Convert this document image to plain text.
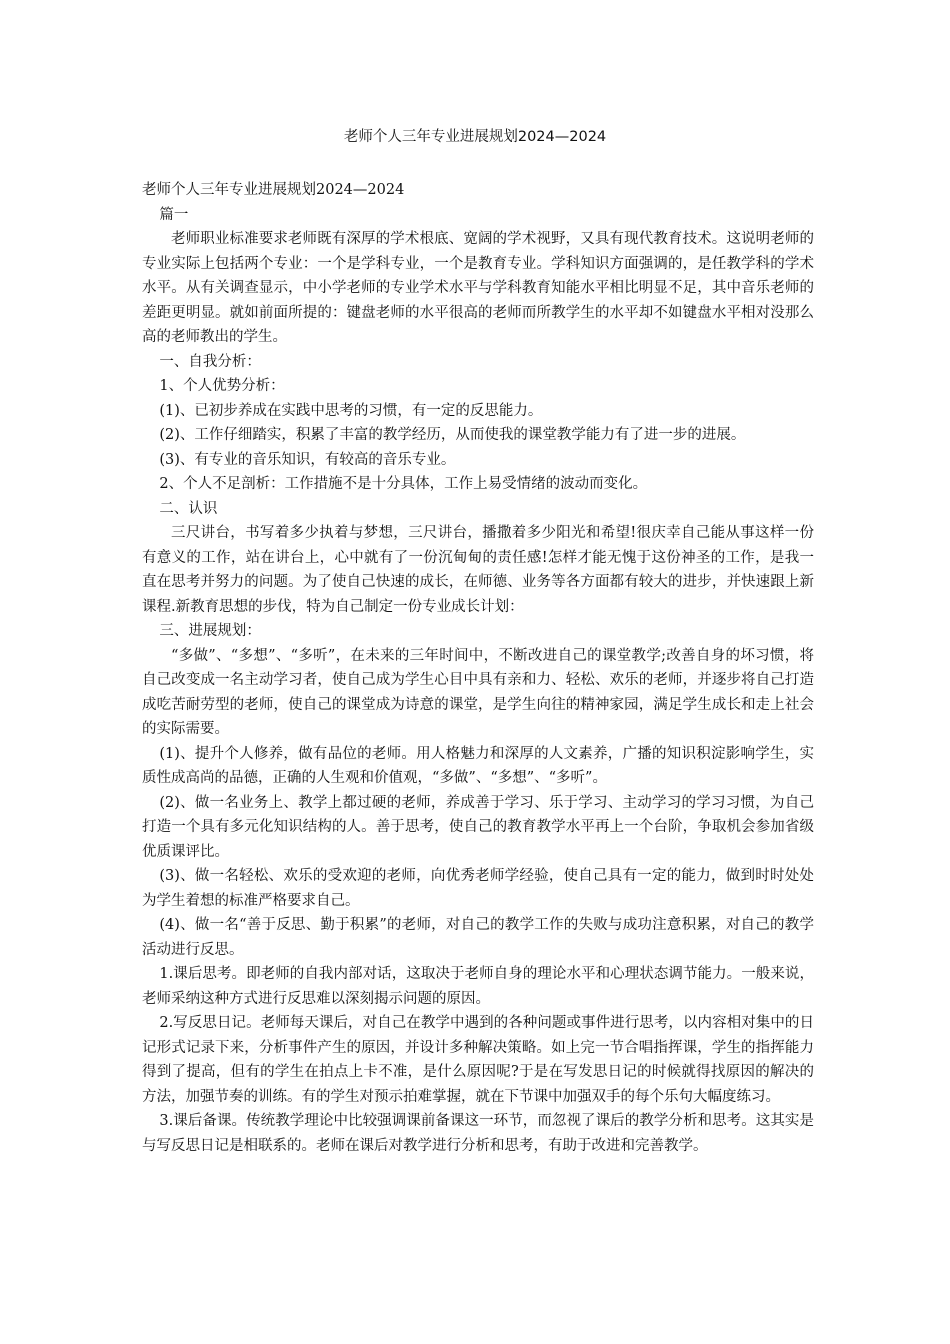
老师个人三年专业进展规划2024—2024

老师个人三年专业进展规划2024—2024

篇一

老师职业标准要求老师既有深厚的学术根底、宽阔的学术视野，又具有现代教育技术。这说明老师的专业实际上包括两个专业：一个是学科专业，一个是教育专业。学科知识方面强调的，是任教学科的学术水平。从有关调查显示，中小学老师的专业学术水平与学科教育知能水平相比明显不足，其中音乐老师的差距更明显。就如前面所提的：键盘老师的水平很高的老师而所教学生的水平却不如键盘水平相对没那么高的老师教出的学生。

一、自我分析：

1、个人优势分析：

(1)、已初步养成在实践中思考的习惯，有一定的反思能力。

(2)、工作仔细踏实，积累了丰富的教学经历，从而使我的课堂教学能力有了进一步的进展。

(3)、有专业的音乐知识，有较高的音乐专业。

2、个人不足剖析：工作措施不是十分具体，工作上易受情绪的波动而变化。

二、认识

三尺讲台，书写着多少执着与梦想，三尺讲台，播撒着多少阳光和希望!很庆幸自己能从事这样一份有意义的工作，站在讲台上，心中就有了一份沉甸甸的责任感!怎样才能无愧于这份神圣的工作，是我一直在思考并努力的问题。为了使自己快速的成长，在师德、业务等各方面都有较大的进步，并快速跟上新课程.新教育思想的步伐，特为自己制定一份专业成长计划：

三、进展规划：

“多做”、“多想”、“多听”，在未来的三年时间中，不断改进自己的课堂教学;改善自身的坏习惯，将自己改变成一名主动学习者，使自己成为学生心目中具有亲和力、轻松、欢乐的老师，并逐步将自己打造成吃苦耐劳型的老师，使自己的课堂成为诗意的课堂，是学生向往的精神家园，满足学生成长和走上社会的实际需要。

(1)、提升个人修养，做有品位的老师。用人格魅力和深厚的人文素养，广播的知识积淀影响学生，实质性成高尚的品德，正确的人生观和价值观，“多做”、“多想”、“多听”。

(2)、做一名业务上、教学上都过硬的老师，养成善于学习、乐于学习、主动学习的学习习惯，为自己打造一个具有多元化知识结构的人。善于思考，使自己的教育教学水平再上一个台阶，争取机会参加省级优质课评比。

(3)、做一名轻松、欢乐的受欢迎的老师，向优秀老师学经验，使自己具有一定的能力，做到时时处处为学生着想的标准严格要求自己。

(4)、做一名“善于反思、勤于积累”的老师，对自己的教学工作的失败与成功注意积累，对自己的教学活动进行反思。

1.课后思考。即老师的自我内部对话，这取决于老师自身的理论水平和心理状态调节能力。一般来说，老师采纳这种方式进行反思难以深刻揭示问题的原因。

2.写反思日记。老师每天课后，对自己在教学中遇到的各种问题或事件进行思考，以内容相对集中的日记形式记录下来，分析事件产生的原因，并设计多种解决策略。如上完一节合唱指挥课，学生的指挥能力得到了提高，但有的学生在拍点上卡不准，是什么原因呢?于是在写发思日记的时候就得找原因的解决的方法，加强节奏的训练。有的学生对预示拍难掌握，就在下节课中加强双手的每个乐句大幅度练习。

3.课后备课。传统教学理论中比较强调课前备课这一环节，而忽视了课后的教学分析和思考。这其实是与写反思日记是相联系的。老师在课后对教学进行分析和思考，有助于改进和完善教学。
